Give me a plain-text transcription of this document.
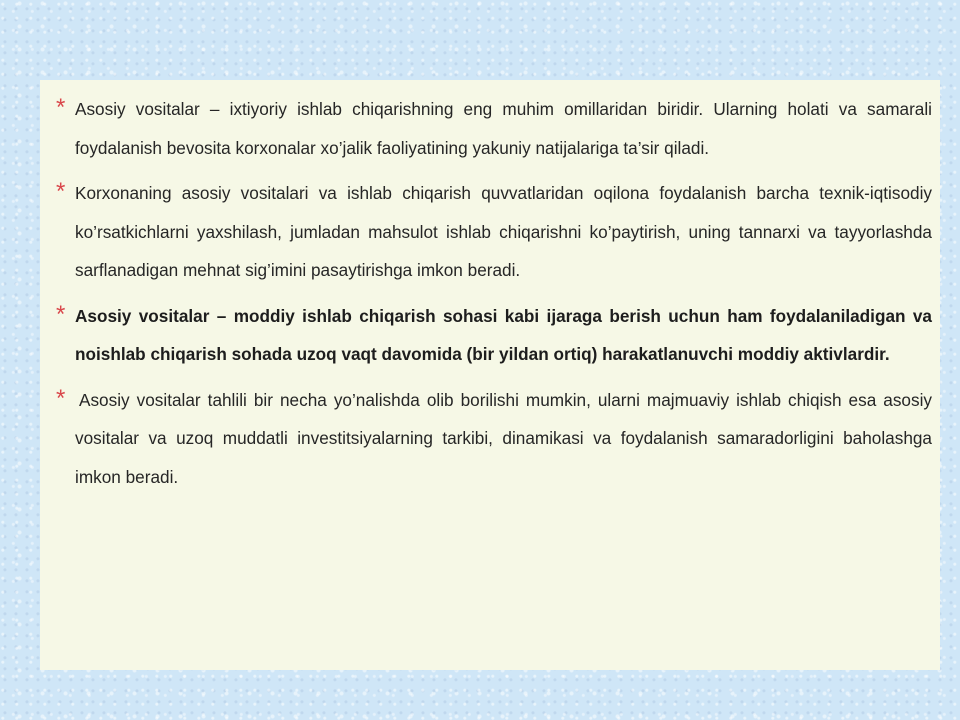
* Asosiy vositalar – ixtiyoriy ishlab chiqarishning eng muhim omillaridan biridir. Ularning holati va samarali foydalanish bevosita korxonalar xo’jalik faoliyatining yakuniy natijalariga ta’sir qiladi.
* Korxonaning asosiy vositalari va ishlab chiqarish quvvatlaridan oqilona foydalanish barcha texnik-iqtisodiy ko’rsatkichlarni yaxshilash, jumladan mahsulot ishlab chiqarishni ko’paytirish, uning tannarxi va tayyorlashda sarflanadigan mehnat sig’imini pasaytirishga imkon beradi.
* Asosiy vositalar – moddiy ishlab chiqarish sohasi kabi ijaraga berish uchun ham foydalaniladigan va noishlab chiqarish sohada uzoq vaqt davomida (bir yildan ortiq) harakatlanuvchi moddiy aktivlardir.
* Asosiy vositalar tahlili bir necha yo’nalishda olib borilishi mumkin, ularni majmuaviy ishlab chiqish esa asosiy vositalar va uzoq muddatli investitsiyalarning tarkibi, dinamikasi va foydalanish samaradorligini baholashga imkon beradi.
